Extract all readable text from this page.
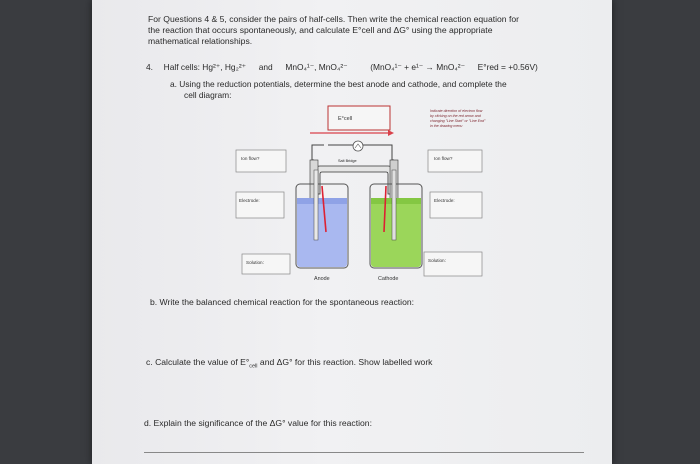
For Questions 4 & 5, consider the pairs of half-cells. Then write the chemical reaction equation for
the reaction that occurs spontaneously, and calculate E°cell and ΔG° using the appropriate
mathematical relationships.
4. Half cells: Hg²⁺, Hg₂²⁺ and MnO₄¹⁻, MnO₄²⁻	(MnO₄¹⁻ + e¹⁻ → MnO₄²⁻ E°red = +0.56V)
a. Using the reduction potentials, determine the best anode and cathode, and complete the
cell diagram:
E°cell
Indicate direction of electron flow
by clicking on the red arrow and
changing "Line Start" or "Line End"
in the drawing menu
Salt Bridge
Ion flow?	Ion flow?
Electrode:	Electrode:
Solution:	Solution:
Anode	Cathode
b. Write the balanced chemical reaction for the spontaneous reaction:
c. Calculate the value of $E^\circ_{cell}$ and ΔG° for this reaction. Show labelled work
d. Explain the significance of the ΔG° value for this reaction:
